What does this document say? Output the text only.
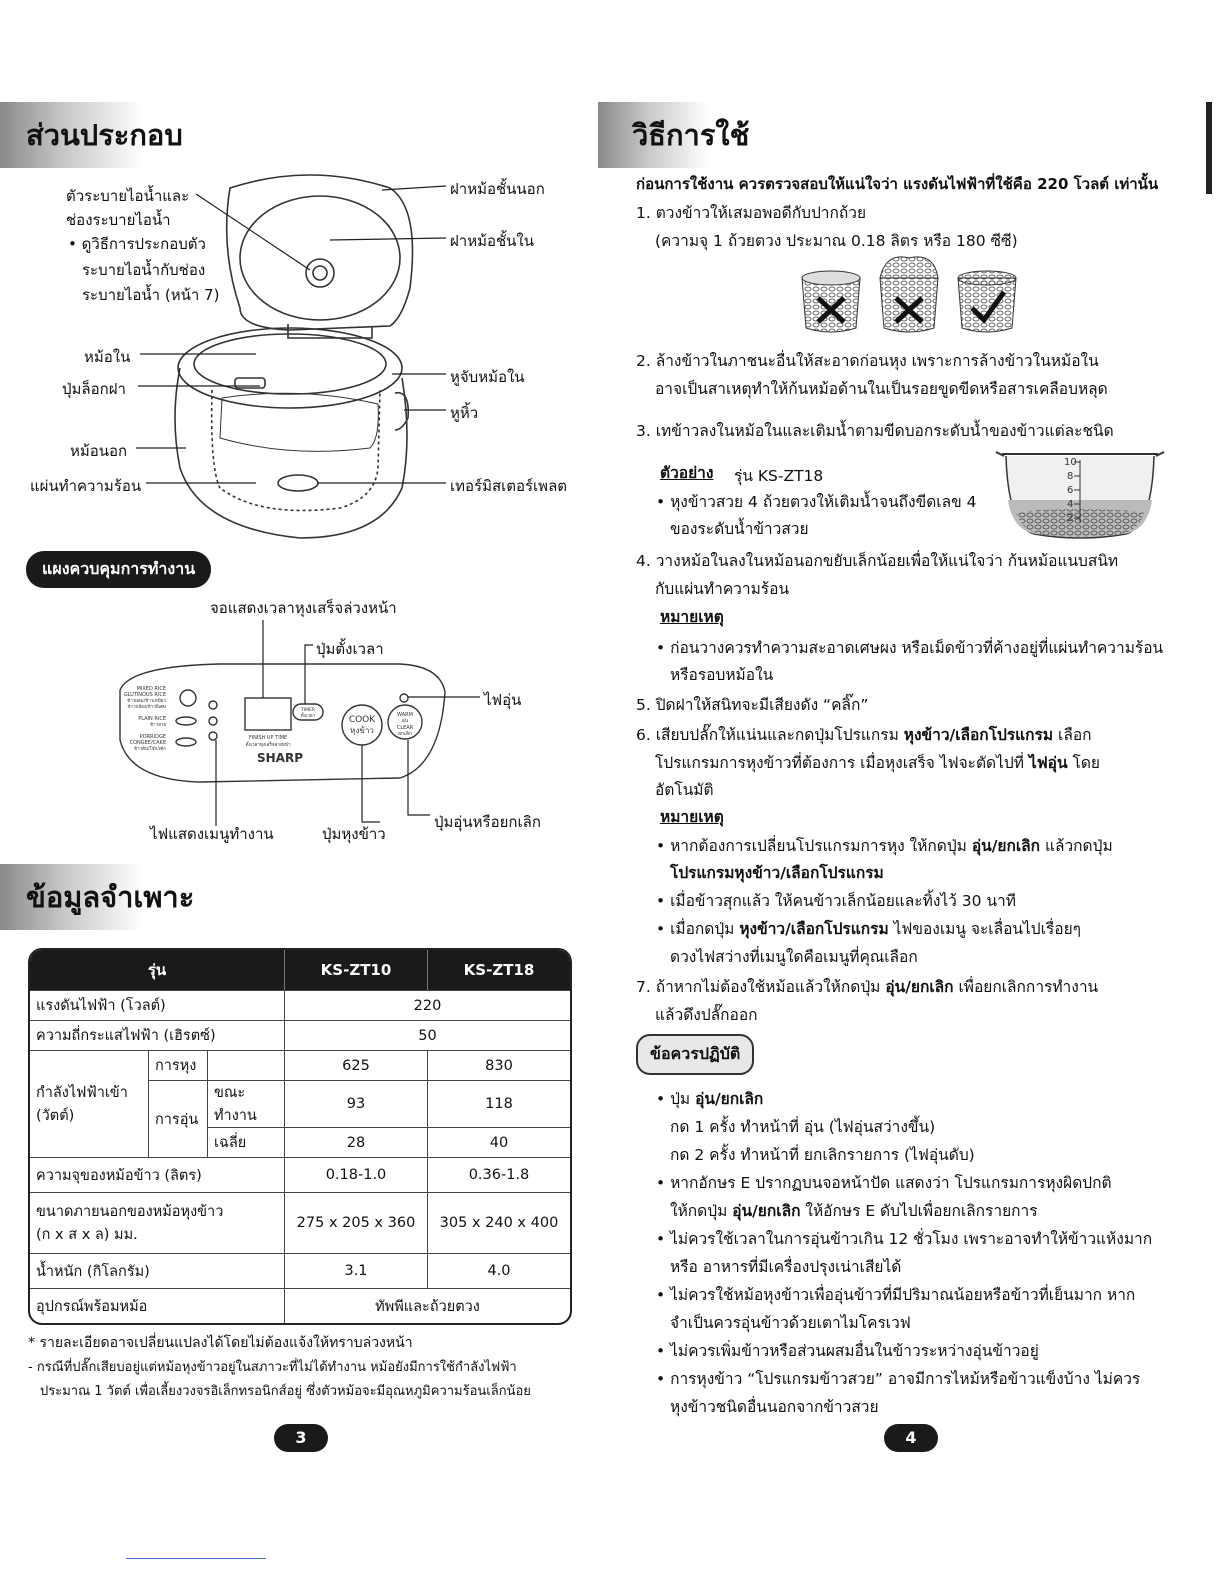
ส่วนประกอบ
ตัวระบายไอน้ำและ
ช่องระบายไอน้ำ
• ดูวิธีการประกอบตัว
ระบายไอน้ำกับช่อง
ระบายไอน้ำ (หน้า 7)
ฝาหม้อชั้นนอก
ฝาหม้อชั้นใน
หม้อใน
ปุ่มล็อกฝา
หูจับหม้อใน
หูหิ้ว
หม้อนอก
แผ่นทำความร้อน	เทอร์มิสเตอร์เพลต
แผงควบคุมการทำงาน
จอแสดงเวลาหุงเสร็จล่วงหน้า
ปุ่มตั้งเวลา
ไฟอุ่น
ไฟแสดงเมนูทำงาน	ปุ่มหุงข้าว
ปุ่มอุ่นหรือยกเลิก
MIXED RICE
GLUTINOUS RICE
ข้าวผสม/ข้าวเหนียว
ข้าวกล้อง/ข้าวพิเศษ
PLAIN RICE
ข้าวสวย
PORRIDGE
CONGEE/CAKE
ข้าวต้ม/โจ๊ก/เค้ก
FINISH UP TIME
ตั้งเวลาหุงเสร็จล่วงหน้า
TIMER
ตั้งเวลา	COOK
หุงข้าว
WARM
อุ่น
CLEAR
ยกเลิก
SHARP
ข้อมูลจำเพาะ
รุ่น			KS-ZT10	KS-ZT18
แรงดันไฟฟ้า (โวลต์)			220	
ความถี่กระแสไฟฟ้า (เฮิรตซ์)			50	
กำลังไฟฟ้าเข้า
(วัตต์)	การหุง		625	830
	การอุ่น	ขณะทำงาน	93	118
		เฉลี่ย	28	40
ความจุของหม้อข้าว (ลิตร)			0.18-1.0	0.36-1.8
ขนาดภายนอกของหม้อหุงข้าว
(ก x ส x ล) มม.			275 x 205 x 360	305 x 240 x 400
น้ำหนัก (กิโลกรัม)			3.1	4.0
อุปกรณ์พร้อมหม้อ			ทัพพีและถ้วยตวง	
* รายละเอียดอาจเปลี่ยนแปลงได้โดยไม่ต้องแจ้งให้ทราบล่วงหน้า
- กรณีที่ปลั๊กเสียบอยู่แต่หม้อหุงข้าวอยู่ในสภาวะที่ไม่ได้ทำงาน หม้อยังมีการใช้กำลังไฟฟ้า
ประมาณ 1 วัตต์ เพื่อเลี้ยงวงจรอิเล็กทรอนิกส์อยู่ ซึ่งตัวหม้อจะมีอุณหภูมิความร้อนเล็กน้อย
3
วิธีการใช้
ก่อนการใช้งาน ควรตรวจสอบให้แน่ใจว่า แรงดันไฟฟ้าที่ใช้คือ 220 โวลต์ เท่านั้น
1. ตวงข้าวให้เสมอพอดีกับปากถ้วย
(ความจุ 1 ถ้วยตวง ประมาณ 0.18 ลิตร หรือ 180 ซีซี)
2. ล้างข้าวในภาชนะอื่นให้สะอาดก่อนหุง เพราะการล้างข้าวในหม้อใน
อาจเป็นสาเหตุทำให้ก้นหม้อด้านในเป็นรอยขูดขีดหรือสารเคลือบหลุด
3. เทข้าวลงในหม้อในและเติมน้ำตามขีดบอกระดับน้ำของข้าวแต่ละชนิด
ตัวอย่าง รุ่น KS-ZT18
• หุงข้าวสวย 4 ถ้วยตวงให้เติมน้ำจนถึงขีดเลข 4
ของระดับน้ำข้าวสวย
10
8
6
4
2
4. วางหม้อในลงในหม้อนอกขยับเล็กน้อยเพื่อให้แน่ใจว่า ก้นหม้อแนบสนิท
กับแผ่นทำความร้อน
หมายเหตุ
• ก่อนวางควรทำความสะอาดเศษผง หรือเม็ดข้าวที่ค้างอยู่ที่แผ่นทำความร้อน
หรือรอบหม้อใน
5. ปิดฝาให้สนิทจะมีเสียงดัง “คลิ๊ก”
6. เสียบปลั๊กให้แน่นและกดปุ่มโปรแกรม หุงข้าว/เลือกโปรแกรม เลือก
โปรแกรมการหุงข้าวที่ต้องการ เมื่อหุงเสร็จ ไฟจะตัดไปที่ ไฟอุ่น โดย
อัตโนมัติ
หมายเหตุ
• หากต้องการเปลี่ยนโปรแกรมการหุง ให้กดปุ่ม อุ่น/ยกเลิก แล้วกดปุ่ม
โปรแกรมหุงข้าว/เลือกโปรแกรม
• เมื่อข้าวสุกแล้ว ให้คนข้าวเล็กน้อยและทิ้งไว้ 30 นาที
• เมื่อกดปุ่ม หุงข้าว/เลือกโปรแกรม ไฟของเมนู จะเลื่อนไปเรื่อยๆ
ดวงไฟสว่างที่เมนูใดคือเมนูที่คุณเลือก
7. ถ้าหากไม่ต้องใช้หม้อแล้วให้กดปุ่ม อุ่น/ยกเลิก เพื่อยกเลิกการทำงาน
แล้วดึงปลั๊กออก
ข้อควรปฏิบัติ
• ปุ่ม อุ่น/ยกเลิก
กด 1 ครั้ง ทำหน้าที่ อุ่น (ไฟอุ่นสว่างขึ้น)
กด 2 ครั้ง ทำหน้าที่ ยกเลิกรายการ (ไฟอุ่นดับ)
• หากอักษร E ปรากฏบนจอหน้าปัด แสดงว่า โปรแกรมการหุงผิดปกติ
ให้กดปุ่ม อุ่น/ยกเลิก ให้อักษร E ดับไปเพื่อยกเลิกรายการ
• ไม่ควรใช้เวลาในการอุ่นข้าวเกิน 12 ชั่วโมง เพราะอาจทำให้ข้าวแห้งมาก
หรือ อาหารที่มีเครื่องปรุงเน่าเสียได้
• ไม่ควรใช้หม้อหุงข้าวเพื่ออุ่นข้าวที่มีปริมาณน้อยหรือข้าวที่เย็นมาก หาก
จำเป็นควรอุ่นข้าวด้วยเตาไมโครเวฟ
• ไม่ควรเพิ่มข้าวหรือส่วนผสมอื่นในข้าวระหว่างอุ่นข้าวอยู่
• การหุงข้าว “โปรแกรมข้าวสวย” อาจมีการไหม้หรือข้าวแข็งบ้าง ไม่ควร
หุงข้าวชนิดอื่นนอกจากข้าวสวย
4
